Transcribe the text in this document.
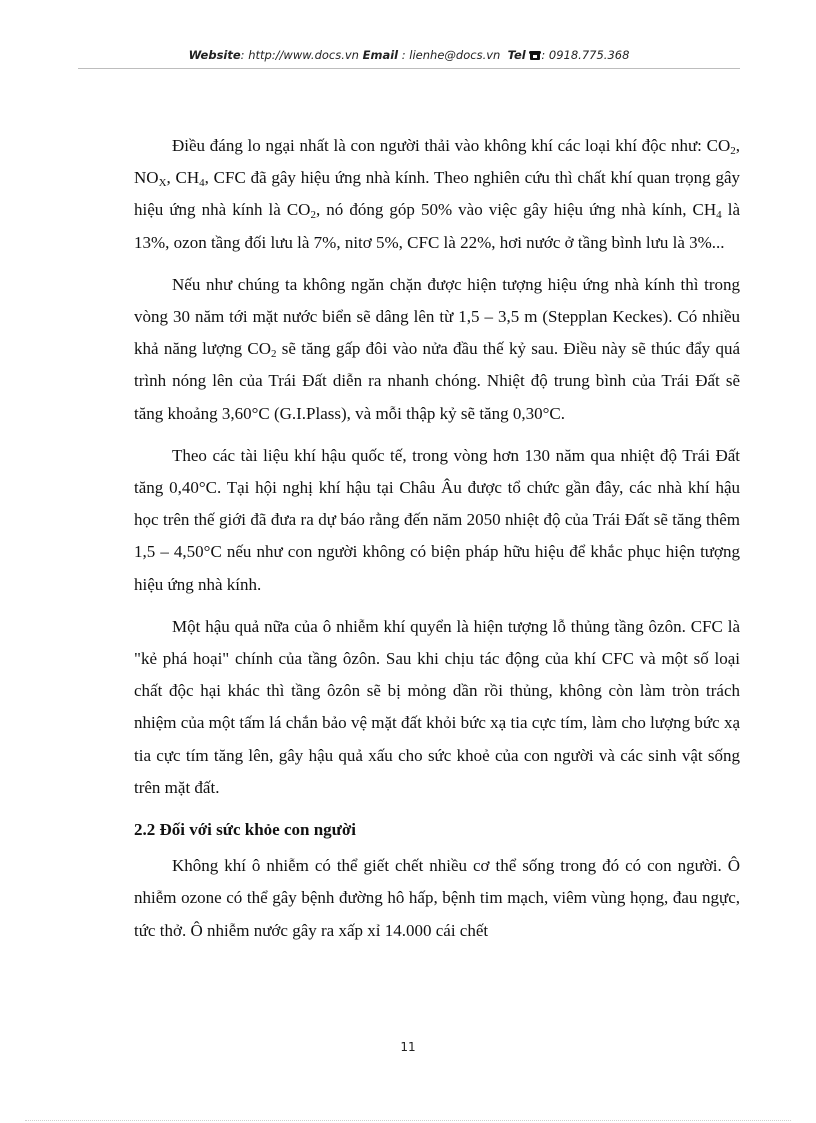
Website: http://www.docs.vn Email : lienhe@docs.vn Tel : 0918.775.368

Điều đáng lo ngại nhất là con người thải vào không khí các loại khí độc như: $CO_2$, $NO_X$, $CH_4$, CFC đã gây hiệu ứng nhà kính. Theo nghiên cứu thì chất khí quan trọng gây hiệu ứng nhà kính là $CO_2$, nó đóng góp 50% vào việc gây hiệu ứng nhà kính, $CH_4$ là 13%, ozon tầng đối lưu là 7%, nitơ 5%, CFC là 22%, hơi nước ở tầng bình lưu là 3%...

Nếu như chúng ta không ngăn chặn được hiện tượng hiệu ứng nhà kính thì trong vòng 30 năm tới mặt nước biển sẽ dâng lên từ 1,5 – 3,5 m (Stepplan Keckes). Có nhiều khả năng lượng $CO_2$ sẽ tăng gấp đôi vào nửa đầu thế kỷ sau. Điều này sẽ thúc đẩy quá trình nóng lên của Trái Đất diễn ra nhanh chóng. Nhiệt độ trung bình của Trái Đất sẽ tăng khoảng 3,60°C (G.I.Plass), và mỗi thập kỷ sẽ tăng 0,30°C.

Theo các tài liệu khí hậu quốc tế, trong vòng hơn 130 năm qua nhiệt độ Trái Đất tăng 0,40°C. Tại hội nghị khí hậu tại Châu Âu được tổ chức gần đây, các nhà khí hậu học trên thế giới đã đưa ra dự báo rằng đến năm 2050 nhiệt độ của Trái Đất sẽ tăng thêm 1,5 – 4,50°C nếu như con người không có biện pháp hữu hiệu để khắc phục hiện tượng hiệu ứng nhà kính.

Một hậu quả nữa của ô nhiễm khí quyển là hiện tượng lỗ thủng tầng ôzôn. CFC là "kẻ phá hoại" chính của tầng ôzôn. Sau khi chịu tác động của khí CFC và một số loại chất độc hại khác thì tầng ôzôn sẽ bị mỏng dần rồi thủng, không còn làm tròn trách nhiệm của một tấm lá chắn bảo vệ mặt đất khỏi bức xạ tia cực tím, làm cho lượng bức xạ tia cực tím tăng lên, gây hậu quả xấu cho sức khoẻ của con người và các sinh vật sống trên mặt đất.

2.2 Đối với sức khỏe con người

Không khí ô nhiễm có thể giết chết nhiều cơ thể sống trong đó có con người. Ô nhiễm ozone có thể gây bệnh đường hô hấp, bệnh tim mạch, viêm vùng họng, đau ngực, tức thở. Ô nhiễm nước gây ra xấp xỉ 14.000 cái chết

11
